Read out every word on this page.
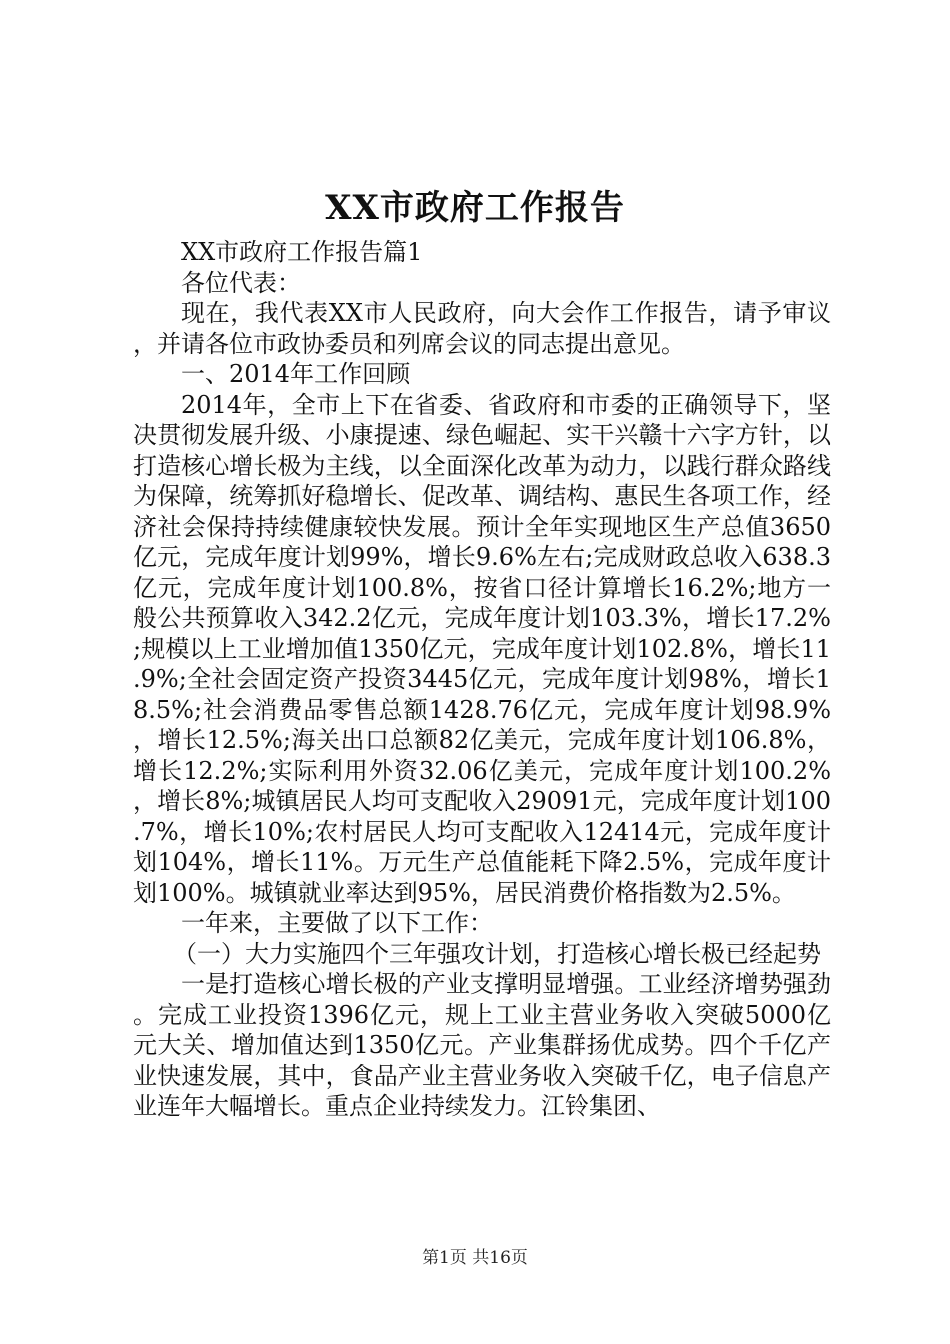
XX市政府工作报告

XX市政府工作报告篇1

各位代表：

现在，我代表XX市人民政府，向大会作工作报告，请予审议，并请各位市政协委员和列席会议的同志提出意见。

一、2014年工作回顾

2014年，全市上下在省委、省政府和市委的正确领导下，坚决贯彻发展升级、小康提速、绿色崛起、实干兴赣十六字方针，以打造核心增长极为主线，以全面深化改革为动力，以践行群众路线为保障，统筹抓好稳增长、促改革、调结构、惠民生各项工作，经济社会保持持续健康较快发展。预计全年实现地区生产总值3650亿元，完成年度计划99%，增长9.6%左右;完成财政总收入638.3亿元，完成年度计划100.8%，按省口径计算增长16.2%;地方一般公共预算收入342.2亿元，完成年度计划103.3%，增长17.2%;规模以上工业增加值1350亿元，完成年度计划102.8%，增长11.9%;全社会固定资产投资3445亿元，完成年度计划98%，增长18.5%;社会消费品零售总额1428.76亿元，完成年度计划98.9%，增长12.5%;海关出口总额82亿美元，完成年度计划106.8%，增长12.2%;实际利用外资32.06亿美元，完成年度计划100.2%，增长8%;城镇居民人均可支配收入29091元，完成年度计划100.7%，增长10%;农村居民人均可支配收入12414元，完成年度计划104%，增长11%。万元生产总值能耗下降2.5%，完成年度计划100%。城镇就业率达到95%，居民消费价格指数为2.5%。

一年来，主要做了以下工作：

（一）大力实施四个三年强攻计划，打造核心增长极已经起势

一是打造核心增长极的产业支撑明显增强。工业经济增势强劲。完成工业投资1396亿元，规上工业主营业务收入突破5000亿元大关、增加值达到1350亿元。产业集群扬优成势。四个千亿产业快速发展，其中，食品产业主营业务收入突破千亿，电子信息产业连年大幅增长。重点企业持续发力。江铃集团、

第1页 共16页
